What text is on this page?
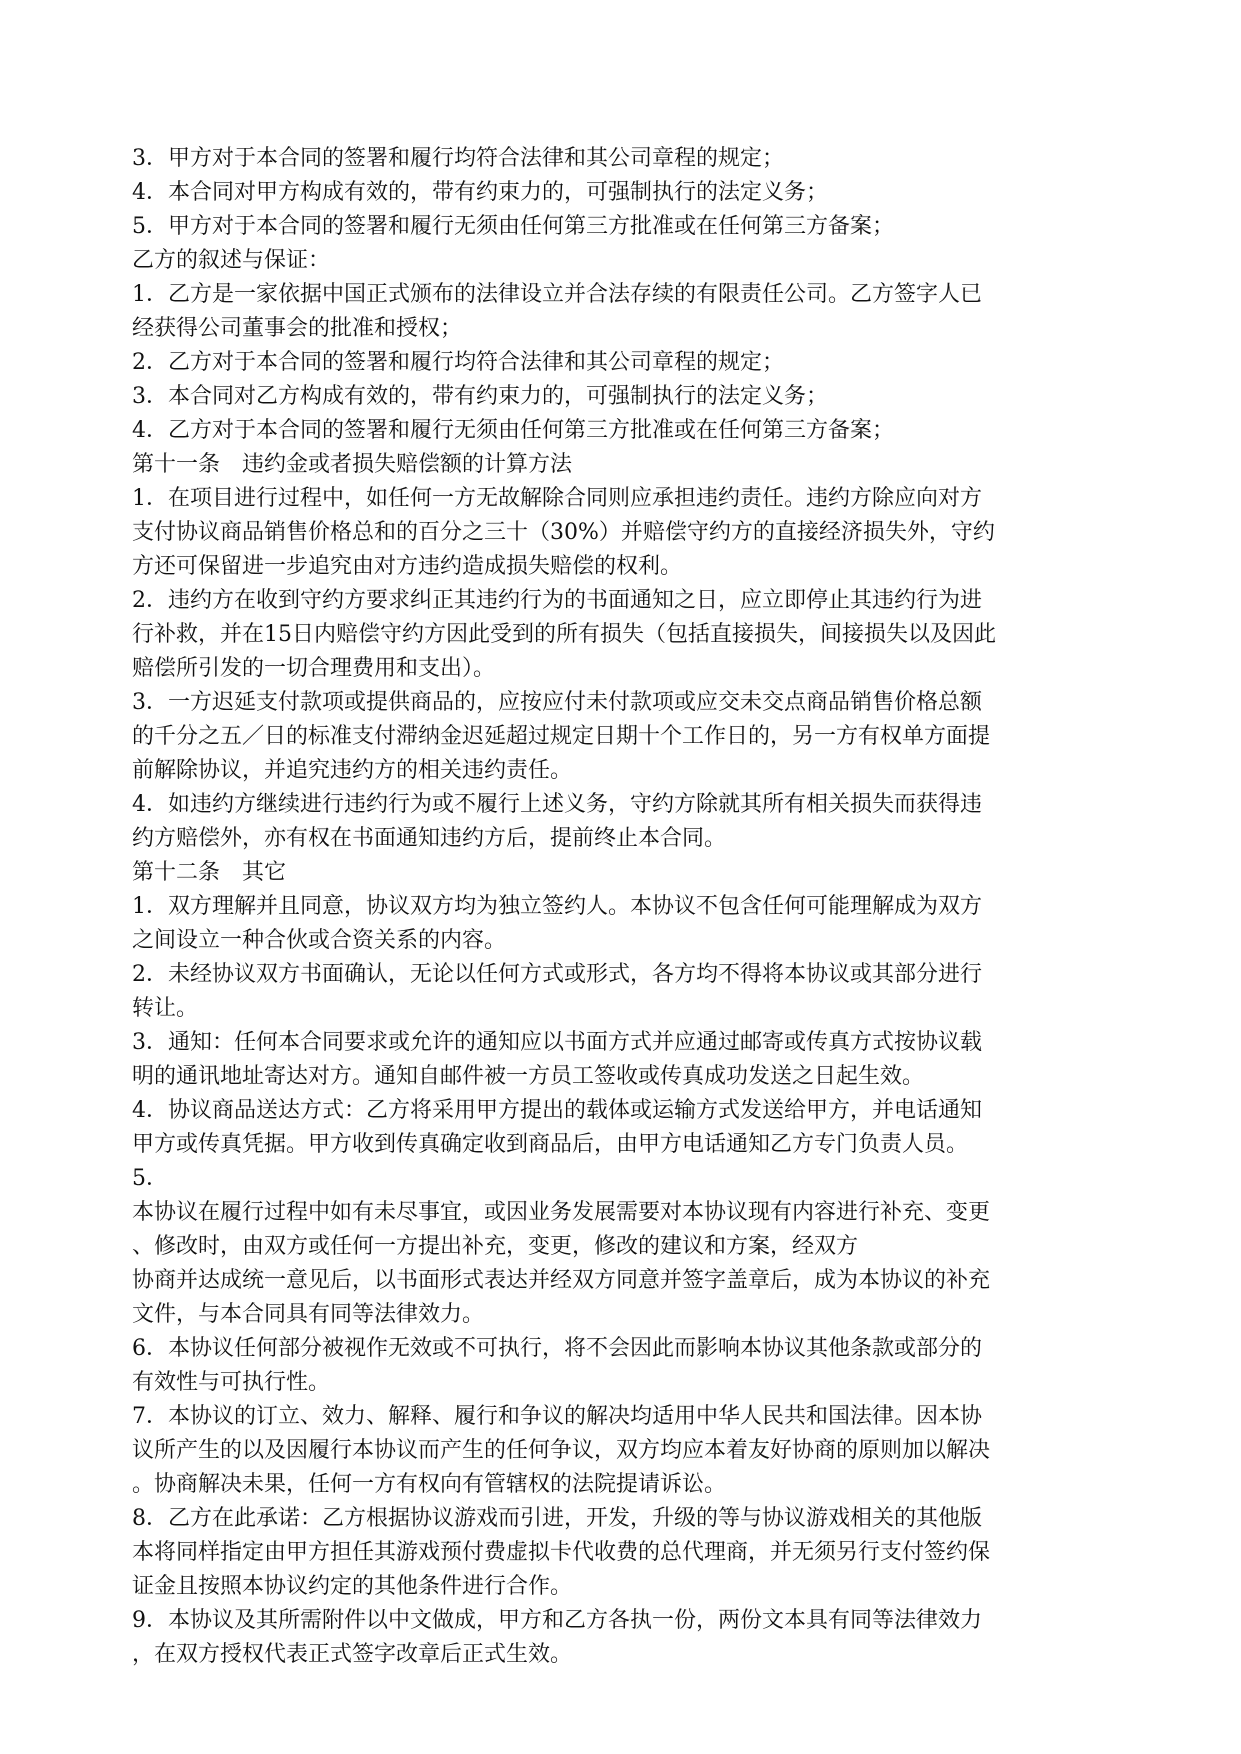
3．甲方对于本合同的签署和履行均符合法律和其公司章程的规定；

4．本合同对甲方构成有效的，带有约束力的，可强制执行的法定义务；

5．甲方对于本合同的签署和履行无须由任何第三方批准或在任何第三方备案；

乙方的叙述与保证：

1．乙方是一家依据中国正式颁布的法律设立并合法存续的有限责任公司。乙方签字人已

经获得公司董事会的批准和授权；

2．乙方对于本合同的签署和履行均符合法律和其公司章程的规定；

3．本合同对乙方构成有效的，带有约束力的，可强制执行的法定义务；

4．乙方对于本合同的签署和履行无须由任何第三方批准或在任何第三方备案；

第十一条　违约金或者损失赔偿额的计算方法

1．在项目进行过程中，如任何一方无故解除合同则应承担违约责任。违约方除应向对方

支付协议商品销售价格总和的百分之三十（30%）并赔偿守约方的直接经济损失外，守约

方还可保留进一步追究由对方违约造成损失赔偿的权利。

2．违约方在收到守约方要求纠正其违约行为的书面通知之日，应立即停止其违约行为进

行补救，并在15日内赔偿守约方因此受到的所有损失（包括直接损失，间接损失以及因此

赔偿所引发的一切合理费用和支出）。

3．一方迟延支付款项或提供商品的，应按应付未付款项或应交未交点商品销售价格总额

的千分之五／日的标准支付滞纳金迟延超过规定日期十个工作日的，另一方有权单方面提

前解除协议，并追究违约方的相关违约责任。

4．如违约方继续进行违约行为或不履行上述义务，守约方除就其所有相关损失而获得违

约方赔偿外，亦有权在书面通知违约方后，提前终止本合同。

第十二条　其它

1．双方理解并且同意，协议双方均为独立签约人。本协议不包含任何可能理解成为双方

之间设立一种合伙或合资关系的内容。

2．未经协议双方书面确认，无论以任何方式或形式，各方均不得将本协议或其部分进行

转让。

3．通知：任何本合同要求或允许的通知应以书面方式并应通过邮寄或传真方式按协议载

明的通讯地址寄达对方。通知自邮件被一方员工签收或传真成功发送之日起生效。

4．协议商品送达方式：乙方将采用甲方提出的载体或运输方式发送给甲方，并电话通知

甲方或传真凭据。甲方收到传真确定收到商品后，由甲方电话通知乙方专门负责人员。

5．

本协议在履行过程中如有未尽事宜，或因业务发展需要对本协议现有内容进行补充、变更

、修改时，由双方或任何一方提出补充，变更，修改的建议和方案，经双方

协商并达成统一意见后，以书面形式表达并经双方同意并签字盖章后，成为本协议的补充

文件，与本合同具有同等法律效力。

6．本协议任何部分被视作无效或不可执行，将不会因此而影响本协议其他条款或部分的

有效性与可执行性。

7．本协议的订立、效力、解释、履行和争议的解决均适用中华人民共和国法律。因本协

议所产生的以及因履行本协议而产生的任何争议，双方均应本着友好协商的原则加以解决

。协商解决未果，任何一方有权向有管辖权的法院提请诉讼。

8．乙方在此承诺：乙方根据协议游戏而引进，开发，升级的等与协议游戏相关的其他版

本将同样指定由甲方担任其游戏预付费虚拟卡代收费的总代理商，并无须另行支付签约保

证金且按照本协议约定的其他条件进行合作。

9．本协议及其所需附件以中文做成，甲方和乙方各执一份，两份文本具有同等法律效力

，在双方授权代表正式签字改章后正式生效。
